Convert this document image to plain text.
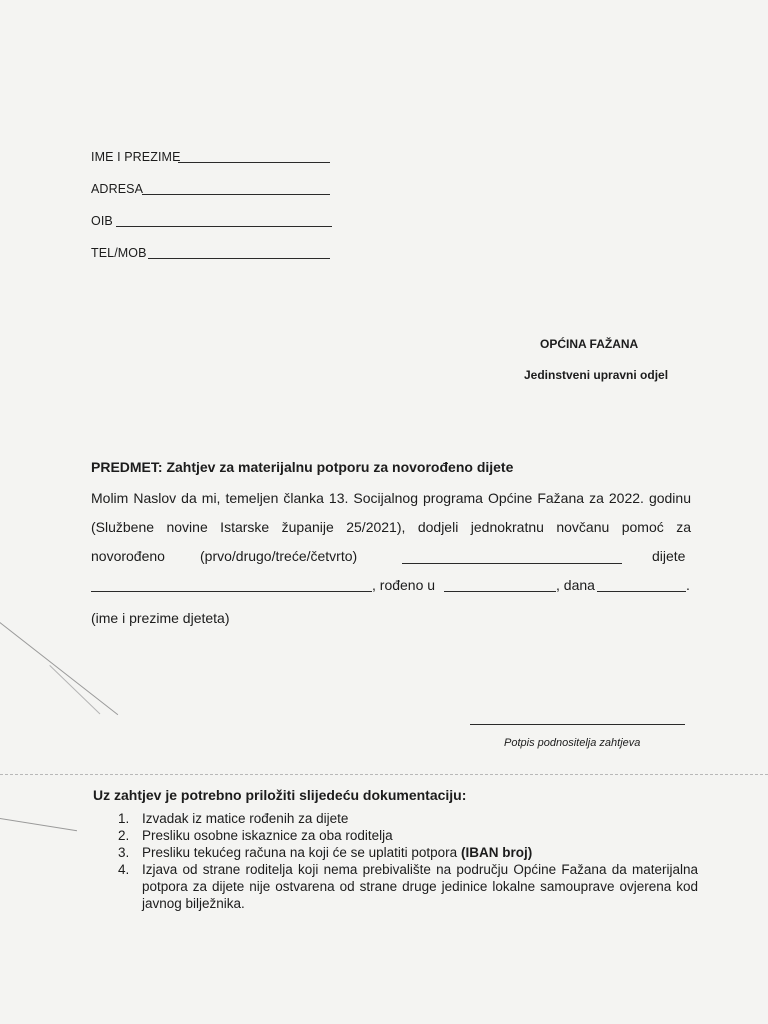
IME I PREZIME
ADRESA
OIB
TEL/MOB
OPĆINA FAŽANA
Jedinstveni upravni odjel
PREDMET: Zahtjev za materijalnu potporu za novorođeno dijete
Molim Naslov da mi, temeljen članka 13. Socijalnog programa Općine Fažana za 2022. godinu
(Službene novine Istarske županije 25/2021), dodjeli jednokratnu novčanu pomoć za
novorođeno	(prvo/drugo/treće/četvrto)	dijete
, rođeno u	, dana	.
(ime i prezime djeteta)
Potpis podnositelja zahtjeva
Uz zahtjev je potrebno priložiti slijedeću dokumentaciju:
1. Izvadak iz matice rođenih za dijete
2. Presliku osobne iskaznice za oba roditelja
3. Presliku tekućeg računa na koji će se uplatiti potpora (IBAN broj)
4. Izjava od strane roditelja koji nema prebivalište na području Općine Fažana da materijalna potpora za dijete nije ostvarena od strane druge jedinice lokalne samouprave ovjerena kod javnog bilježnika.
